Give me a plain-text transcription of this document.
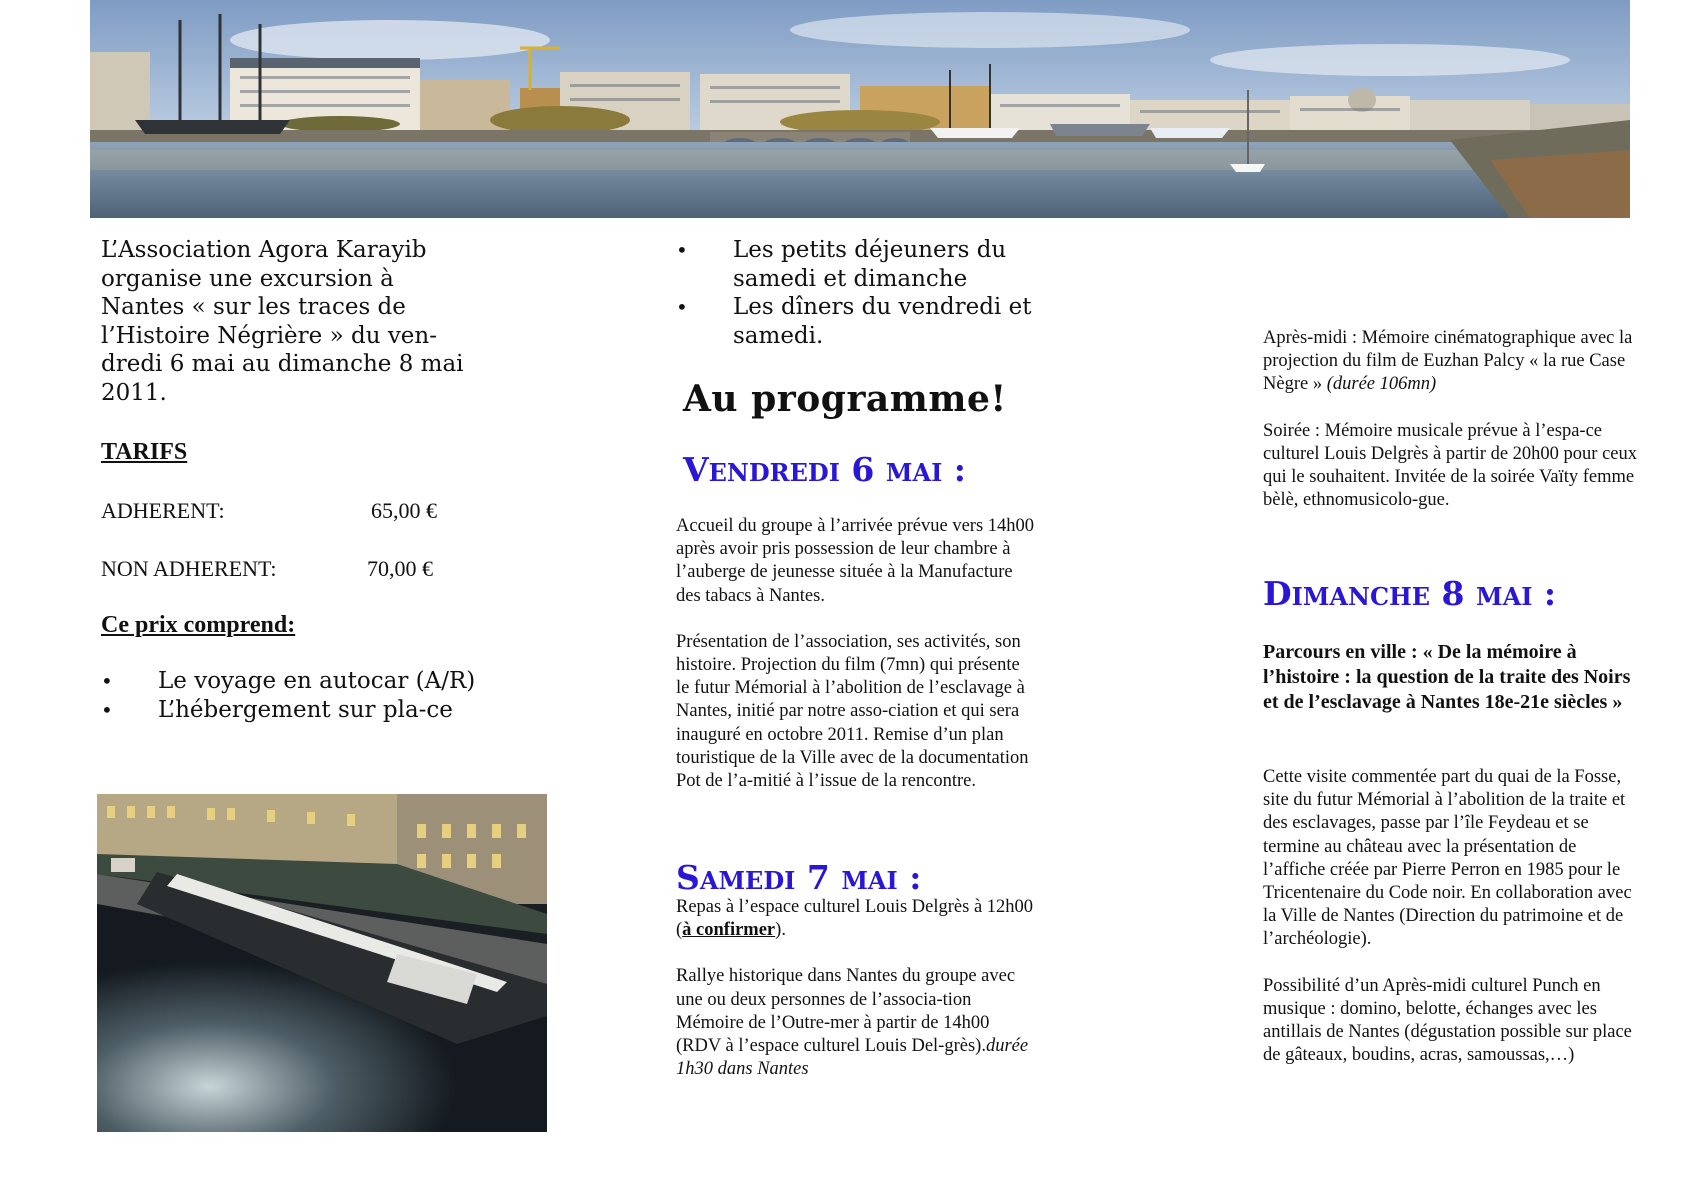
L’Association Agora Karayib organise une excursion à Nantes « sur les traces de l’Histoire Négrière » du ven-dredi 6 mai au dimanche 8 mai 2011.

TARIFS
ADHERENT:	65,00 €
NON ADHERENT:	70,00 €
Ce prix comprend:
• Le voyage en autocar (A/R)
• L’hébergement sur pla-ce
• Les petits déjeuners du samedi et dimanche
• Les dîners du vendredi et samedi.
Au programme!
VENDREDI 6 MAI :

Accueil du groupe à l’arrivée prévue vers 14h00 après avoir pris possession de leur chambre à l’auberge de jeunesse située à la Manufacture des tabacs à Nantes.

Présentation de l’association, ses activités, son histoire. Projection du film (7mn) qui présente le futur Mémorial à l’abolition de l’esclavage à Nantes, initié par notre asso-ciation et qui sera inauguré en octobre 2011. Remise d’un plan touristique de la Ville avec de la documentation Pot de l’a-mitié à l’issue de la rencontre.

SAMEDI 7 MAI :

Repas à l’espace culturel Louis Delgrès à 12h00 (à confirmer).

Rallye historique dans Nantes du groupe avec une ou deux personnes de l’associa-tion Mémoire de l’Outre-mer à partir de 14h00 (RDV à l’espace culturel Louis Del-grès).durée 1h30 dans Nantes

Après-midi : Mémoire cinématographique avec la projection du film de Euzhan Palcy « la rue Case Nègre » (durée 106mn)

Soirée : Mémoire musicale prévue à l’espa-ce culturel Louis Delgrès à partir de 20h00 pour ceux qui le souhaitent. Invitée de la soirée Vaïty femme bèlè, ethnomusicolo-gue.

DIMANCHE 8 MAI :
Parcours en ville : « De la mémoire à l’histoire : la question de la traite des Noirs et de l’esclavage à Nantes 18e-21e siècles »

Cette visite commentée part du quai de la Fosse, site du futur Mémorial à l’abolition de la traite et des esclavages, passe par l’île Feydeau et se termine au château avec la présentation de l’affiche créée par Pierre Perron en 1985 pour le Tricentenaire du Code noir. En collaboration avec la Ville de Nantes (Direction du patrimoine et de l’archéologie).

Possibilité d’un Après-midi culturel Punch en musique : domino, belotte, échanges avec les antillais de Nantes (dégustation possible sur place de gâteaux, boudins, acras, samoussas,…)
